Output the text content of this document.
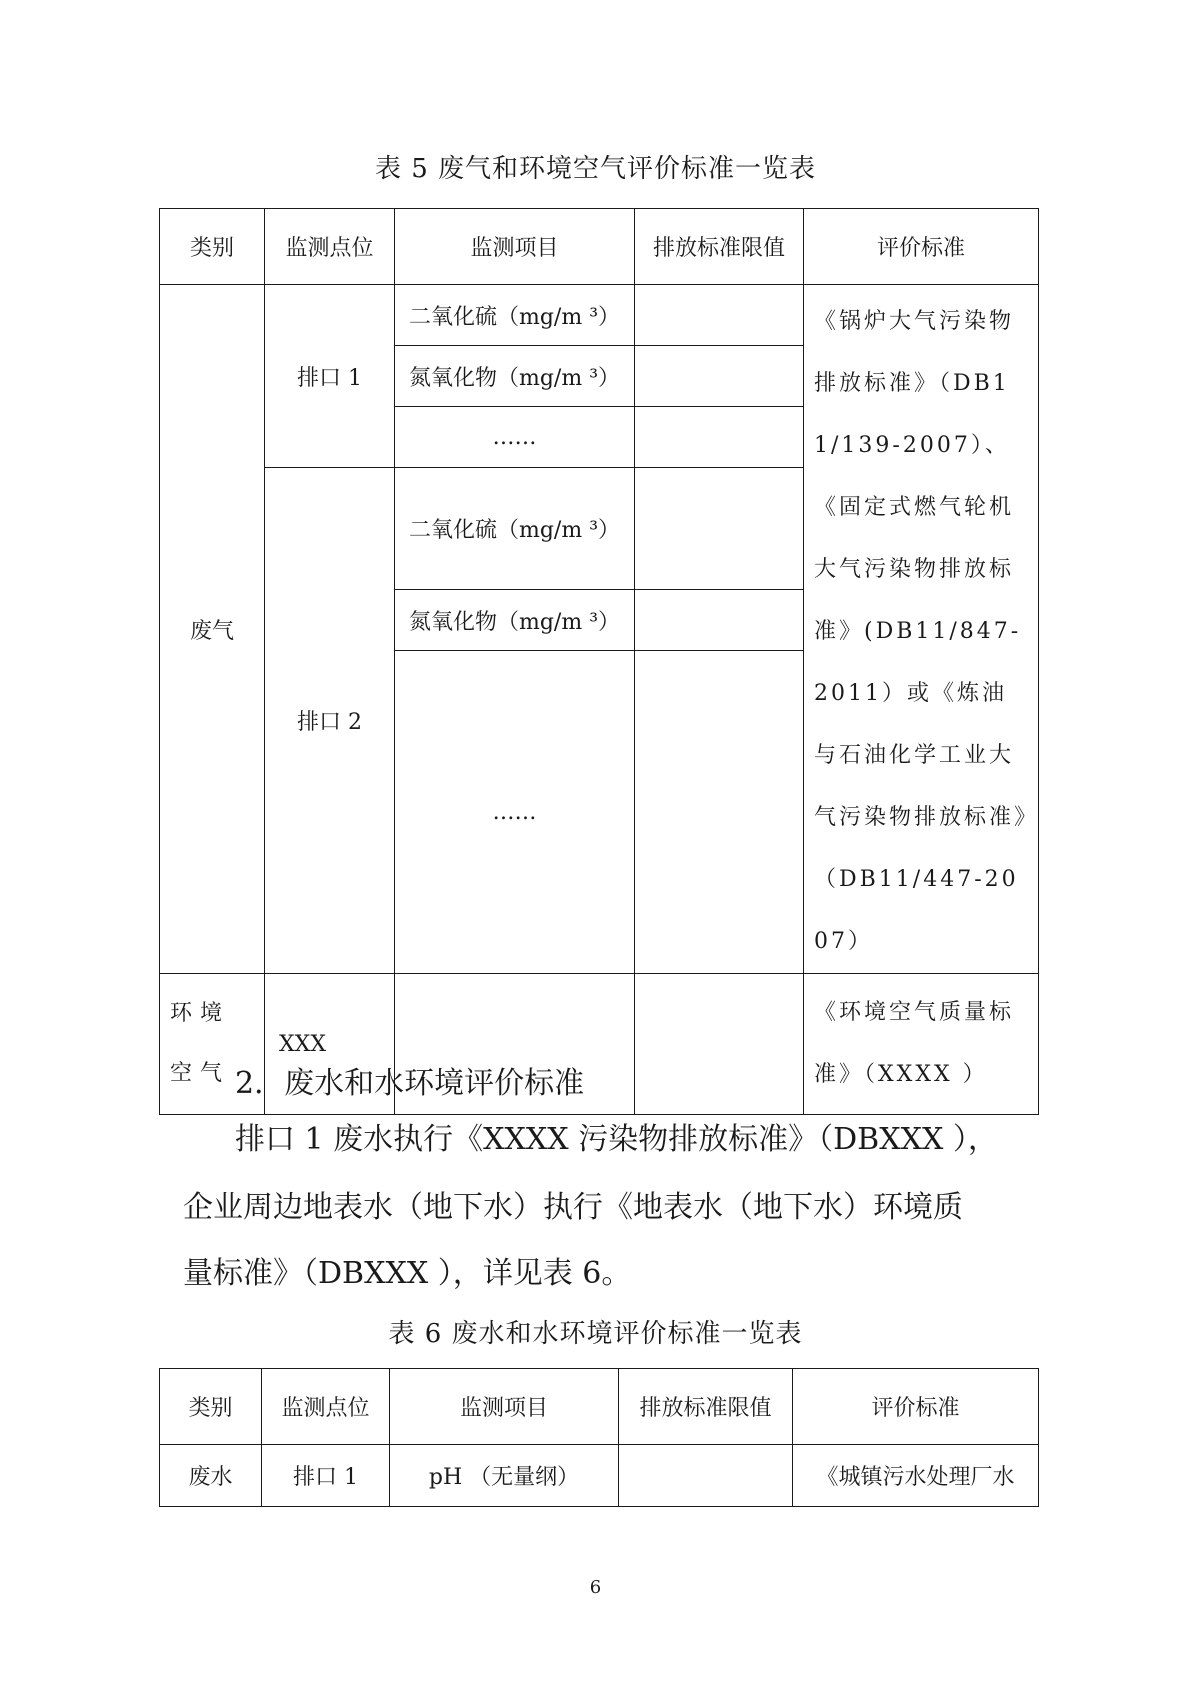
表 5 废气和环境空气评价标准一览表
类别	监测点位	监测项目	排放标准限值	评价标准
废气	排口 1	二氧化硫（mg/m ³）		《锅炉大气污染物排放标准》（DB11/139-2007）、《固定式燃气轮机大气污染物排放标准》(DB11/847-2011）或《炼油与石油化学工业大气污染物排放标准》（DB11/447-2007）
		氮氧化物（mg/m ³）		
		……		
	排口 2	二氧化硫（mg/m ³）		
		氮氧化物（mg/m ³）		
		……		
环境空气	XXX			《环境空气质量标准》（XXXX ）
2．废水和水环境评价标准
排口 1 废水执行《XXXX 污染物排放标准》（DBXXX ），
企业周边地表水（地下水）执行《地表水（地下水）环境质
量标准》（DBXXX ），详见表 6。
表 6 废水和水环境评价标准一览表
类别	监测点位	监测项目	排放标准限值	评价标准
废水	排口 1	pH （无量纲）		《城镇污水处理厂水
6
